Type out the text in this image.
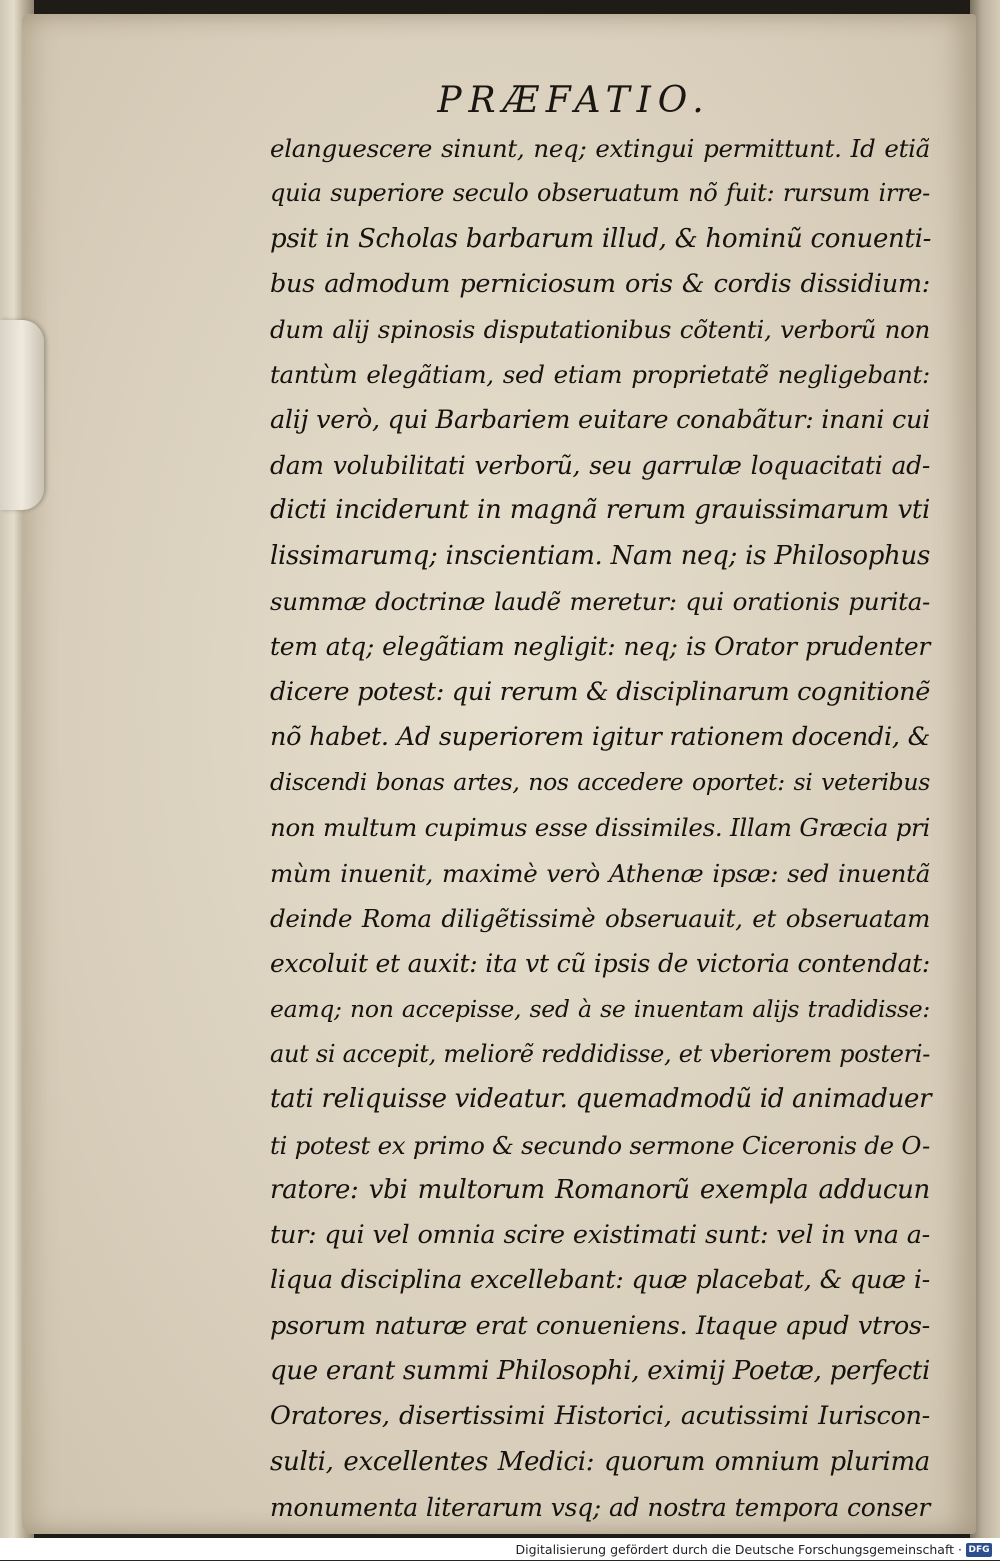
PRÆFATIO.
elanguescere sinunt, neq; extingui permittunt. Id etiã
quia superiore seculo obseruatum nõ fuit: rursum irre-
psit in Scholas barbarum illud, & hominũ conuenti-
bus admodum perniciosum oris & cordis dissidium:
dum alij spinosis disputationibus cõtenti, verborũ non
tantùm elegãtiam, sed etiam proprietatẽ negligebant:
alij verò, qui Barbariem euitare conabãtur: inani cui
dam volubilitati verborũ, seu garrulæ loquacitati ad-
dicti inciderunt in magnã rerum grauissimarum vti
lissimarumq; inscientiam. Nam neq; is Philosophus
summæ doctrinæ laudẽ meretur: qui orationis purita-
tem atq; elegãtiam negligit: neq; is Orator prudenter
dicere potest: qui rerum & disciplinarum cognitionẽ
nõ habet. Ad superiorem igitur rationem docendi, &
discendi bonas artes, nos accedere oportet: si veteribus
non multum cupimus esse dissimiles. Illam Græcia pri
mùm inuenit, maximè verò Athenæ ipsæ: sed inuentã
deinde Roma diligẽtissimè obseruauit, et obseruatam
excoluit et auxit: ita vt cũ ipsis de victoria contendat:
eamq; non accepisse, sed à se inuentam alijs tradidisse:
aut si accepit, meliorẽ reddidisse, et vberiorem posteri-
tati reliquisse videatur. quemadmodũ id animaduer
ti potest ex primo & secundo sermone Ciceronis de O-
ratore: vbi multorum Romanorũ exempla adducun
tur: qui vel omnia scire existimati sunt: vel in vna a-
liqua disciplina excellebant: quæ placebat, & quæ i-
psorum naturæ erat conueniens. Itaque apud vtros-
que erant summi Philosophi, eximij Poetæ, perfecti
Oratores, disertissimi Historici, acutissimi Iuriscon-
sulti, excellentes Medici: quorum omnium plurima
monumenta literarum vsq; ad nostra tempora conser
Digitalisierung gefördert durch die Deutsche Forschungsgemeinschaft · DFG
